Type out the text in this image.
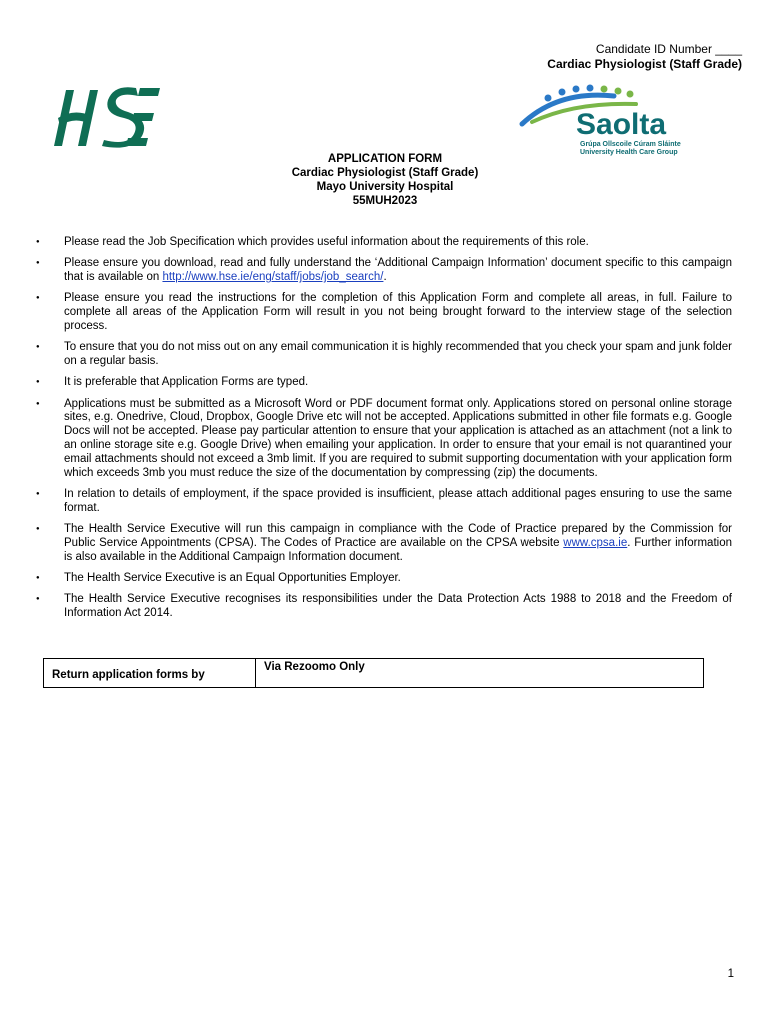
Candidate ID Number ____
Cardiac Physiologist (Staff Grade)
Saolta
Grúpa Ollscoile Cúram Sláinte
University Health Care Group
APPLICATION FORM
Cardiac Physiologist (Staff Grade)
Mayo University Hospital
55MUH2023
● Please read the Job Specification which provides useful information about the requirements of this role.
● Please ensure you download, read and fully understand the ‘Additional Campaign Information’ document specific to this campaign that is available on http://www.hse.ie/eng/staff/jobs/job_search/.
● Please ensure you read the instructions for the completion of this Application Form and complete all areas, in full. Failure to complete all areas of the Application Form will result in you not being brought forward to the interview stage of the selection process.
● To ensure that you do not miss out on any email communication it is highly recommended that you check your spam and junk folder on a regular basis.
● It is preferable that Application Forms are typed.
● Applications must be submitted as a Microsoft Word or PDF document format only. Applications stored on personal online storage sites, e.g. Onedrive, Cloud, Dropbox, Google Drive etc will not be accepted. Applications submitted in other file formats e.g. Google Docs will not be accepted. Please pay particular attention to ensure that your application is attached as an attachment (not a link to an online storage site e.g. Google Drive) when emailing your application. In order to ensure that your email is not quarantined your email attachments should not exceed a 3mb limit. If you are required to submit supporting documentation with your application form which exceeds 3mb you must reduce the size of the documentation by compressing (zip) the documents.
● In relation to details of employment, if the space provided is insufficient, please attach additional pages ensuring to use the same format.
● The Health Service Executive will run this campaign in compliance with the Code of Practice prepared by the Commission for Public Service Appointments (CPSA). The Codes of Practice are available on the CPSA website www.cpsa.ie. Further information is also available in the Additional Campaign Information document.
● The Health Service Executive is an Equal Opportunities Employer.
● The Health Service Executive recognises its responsibilities under the Data Protection Acts 1988 to 2018 and the Freedom of Information Act 2014.
Return application forms by	Via Rezoomo Only
1
